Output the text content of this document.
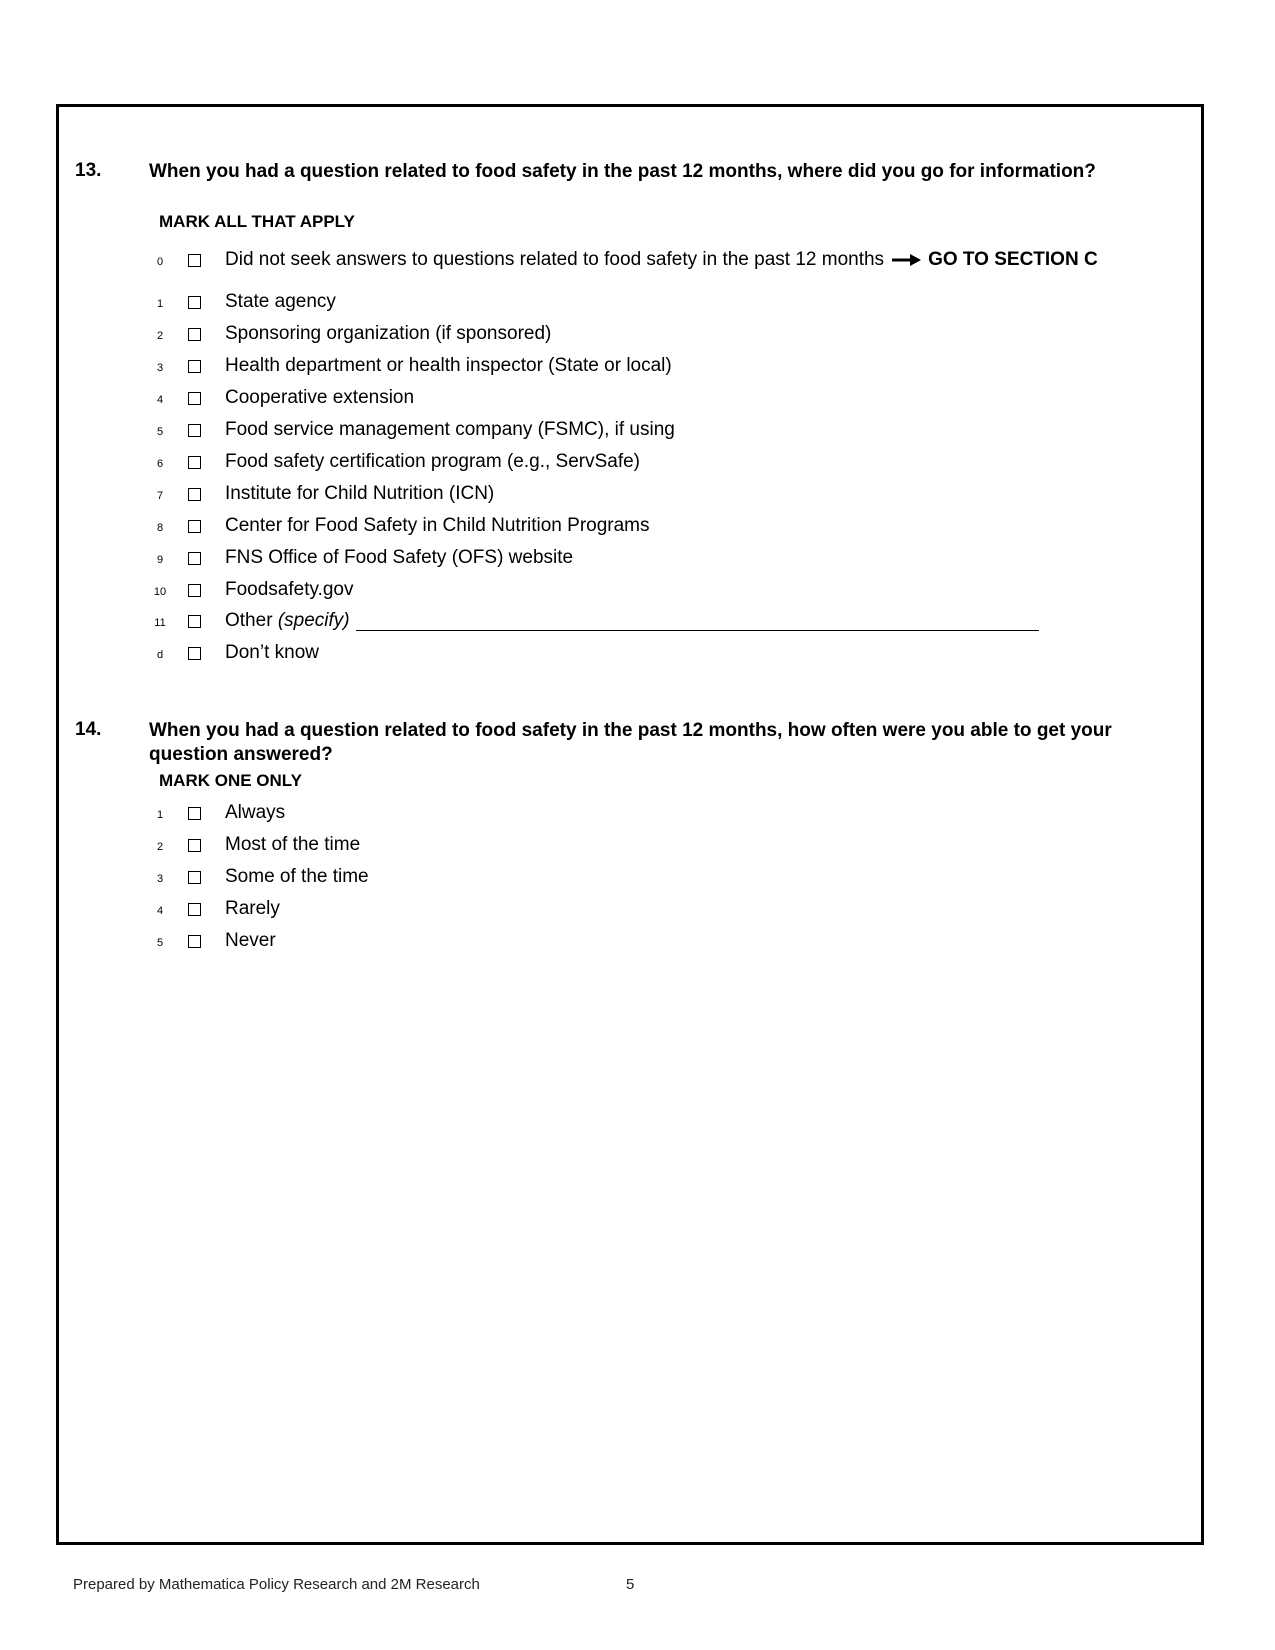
13.	When you had a question related to food safety in the past 12 months, where did you go for information?
MARK ALL THAT APPLY
0	Did not seek answers to questions related to food safety in the past 12 months GO TO SECTION C
1	State agency
2	Sponsoring organization (if sponsored)
3	Health department or health inspector (State or local)
4	Cooperative extension
5	Food service management company (FSMC), if using
6	Food safety certification program (e.g., ServSafe)
7	Institute for Child Nutrition (ICN)
8	Center for Food Safety in Child Nutrition Programs
9	FNS Office of Food Safety (OFS) website
10	Foodsafety.gov
11	Other (specify)
d	Don’t know
14.	When you had a question related to food safety in the past 12 months, how often were you able to get your question answered?
MARK ONE ONLY
1	Always
2	Most of the time
3	Some of the time
4	Rarely
5	Never
Prepared by Mathematica Policy Research and 2M Research	5
